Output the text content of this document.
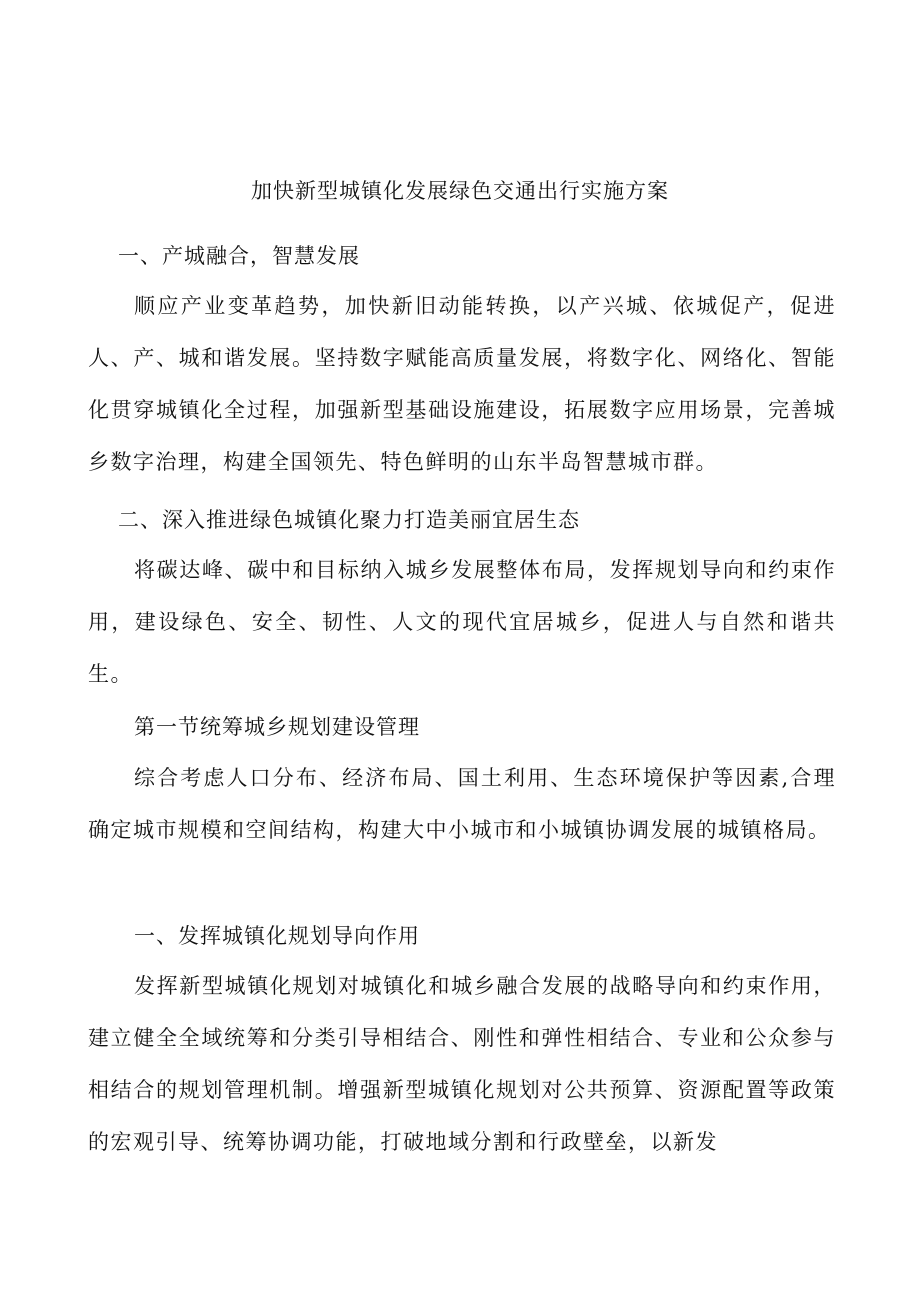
加快新型城镇化发展绿色交通出行实施方案
一、产城融合，智慧发展
顺应产业变革趋势，加快新旧动能转换，以产兴城、依城促产，促进人、产、城和谐发展。坚持数字赋能高质量发展，将数字化、网络化、智能化贯穿城镇化全过程，加强新型基础设施建设，拓展数字应用场景，完善城乡数字治理，构建全国领先、特色鲜明的山东半岛智慧城市群。
二、深入推进绿色城镇化聚力打造美丽宜居生态
将碳达峰、碳中和目标纳入城乡发展整体布局，发挥规划导向和约束作用，建设绿色、安全、韧性、人文的现代宜居城乡，促进人与自然和谐共生。
第一节统筹城乡规划建设管理
综合考虑人口分布、经济布局、国土利用、生态环境保护等因素,合理确定城市规模和空间结构，构建大中小城市和小城镇协调发展的城镇格局。
一、发挥城镇化规划导向作用
发挥新型城镇化规划对城镇化和城乡融合发展的战略导向和约束作用，建立健全全域统筹和分类引导相结合、刚性和弹性相结合、专业和公众参与相结合的规划管理机制。增强新型城镇化规划对公共预算、资源配置等政策的宏观引导、统筹协调功能，打破地域分割和行政壁垒，以新发
